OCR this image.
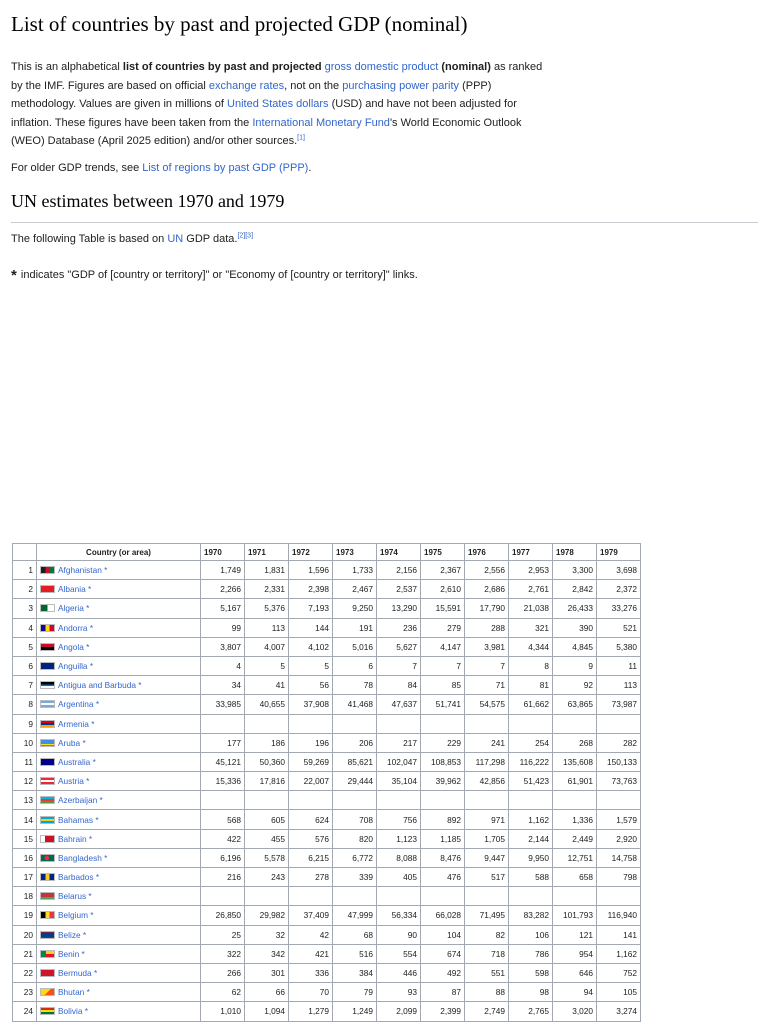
List of countries by past and projected GDP (nominal)

This is an alphabetical list of countries by past and projected gross domestic product (nominal) as ranked
by the IMF. Figures are based on official exchange rates, not on the purchasing power parity (PPP)
methodology. Values are given in millions of United States dollars (USD) and have not been adjusted for
inflation. These figures have been taken from the International Monetary Fund's World Economic Outlook
(WEO) Database (April 2025 edition) and/or other sources.[1]

For older GDP trends, see List of regions by past GDP (PPP).

UN estimates between 1970 and 1979

The following Table is based on UN GDP data.[2][3]

* indicates "GDP of [country or territory]" or "Economy of [country or territory]" links.

	Country (or area)	1970	1971	1972	1973	1974	1975	1976	1977	1978	1979
1	Afghanistan *	1,749	1,831	1,596	1,733	2,156	2,367	2,556	2,953	3,300	3,698
2	Albania *	2,266	2,331	2,398	2,467	2,537	2,610	2,686	2,761	2,842	2,372
3	Algeria *	5,167	5,376	7,193	9,250	13,290	15,591	17,790	21,038	26,433	33,276
4	Andorra *	99	113	144	191	236	279	288	321	390	521
5	Angola *	3,807	4,007	4,102	5,016	5,627	4,147	3,981	4,344	4,845	5,380
6	Anguilla *	4	5	5	6	7	7	7	8	9	11
7	Antigua and Barbuda *	34	41	56	78	84	85	71	81	92	113
8	Argentina *	33,985	40,655	37,908	41,468	47,637	51,741	54,575	61,662	63,865	73,987
9	Armenia *										
10	Aruba *	177	186	196	206	217	229	241	254	268	282
11	Australia *	45,121	50,360	59,269	85,621	102,047	108,853	117,298	116,222	135,608	150,133
12	Austria *	15,336	17,816	22,007	29,444	35,104	39,962	42,856	51,423	61,901	73,763
13	Azerbaijan *										
14	Bahamas *	568	605	624	708	756	892	971	1,162	1,336	1,579
15	Bahrain *	422	455	576	820	1,123	1,185	1,705	2,144	2,449	2,920
16	Bangladesh *	6,196	5,578	6,215	6,772	8,088	8,476	9,447	9,950	12,751	14,758
17	Barbados *	216	243	278	339	405	476	517	588	658	798
18	Belarus *										
19	Belgium *	26,850	29,982	37,409	47,999	56,334	66,028	71,495	83,282	101,793	116,940
20	Belize *	25	32	42	68	90	104	82	106	121	141
21	Benin *	322	342	421	516	554	674	718	786	954	1,162
22	Bermuda *	266	301	336	384	446	492	551	598	646	752
23	Bhutan *	62	66	70	79	93	87	88	98	94	105
24	Bolivia *	1,010	1,094	1,279	1,249	2,099	2,399	2,749	2,765	3,020	3,274
